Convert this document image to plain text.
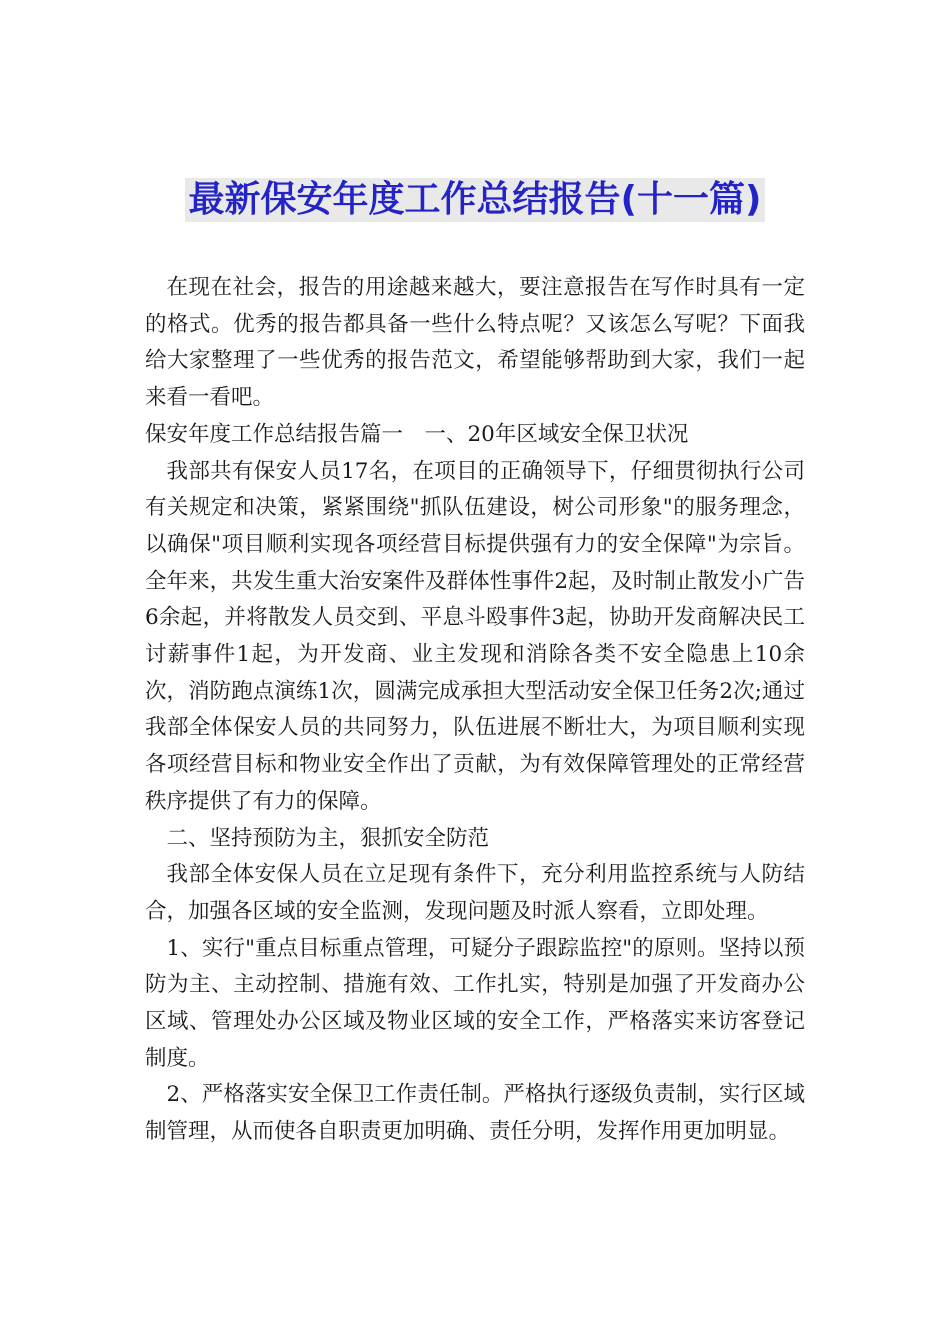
最新保安年度工作总结报告(十一篇)

在现在社会，报告的用途越来越大，要注意报告在写作时具有一定的格式。优秀的报告都具备一些什么特点呢？又该怎么写呢？下面我给大家整理了一些优秀的报告范文，希望能够帮助到大家，我们一起来看一看吧。

保安年度工作总结报告篇一　一、20年区域安全保卫状况

我部共有保安人员17名，在项目的正确领导下，仔细贯彻执行公司有关规定和决策，紧紧围绕"抓队伍建设，树公司形象"的服务理念，以确保"项目顺利实现各项经营目标提供强有力的安全保障"为宗旨。全年来，共发生重大治安案件及群体性事件2起，及时制止散发小广告6余起，并将散发人员交到、平息斗殴事件3起，协助开发商解决民工讨薪事件1起，为开发商、业主发现和消除各类不安全隐患上10余次，消防跑点演练1次，圆满完成承担大型活动安全保卫任务2次;通过我部全体保安人员的共同努力，队伍进展不断壮大，为项目顺利实现各项经营目标和物业安全作出了贡献，为有效保障管理处的正常经营秩序提供了有力的保障。

二、坚持预防为主，狠抓安全防范

我部全体安保人员在立足现有条件下，充分利用监控系统与人防结合，加强各区域的安全监测，发现问题及时派人察看，立即处理。

1、实行"重点目标重点管理，可疑分子跟踪监控"的原则。坚持以预防为主、主动控制、措施有效、工作扎实，特别是加强了开发商办公区域、管理处办公区域及物业区域的安全工作，严格落实来访客登记制度。

2、严格落实安全保卫工作责任制。严格执行逐级负责制，实行区域制管理，从而使各自职责更加明确、责任分明，发挥作用更加明显。
